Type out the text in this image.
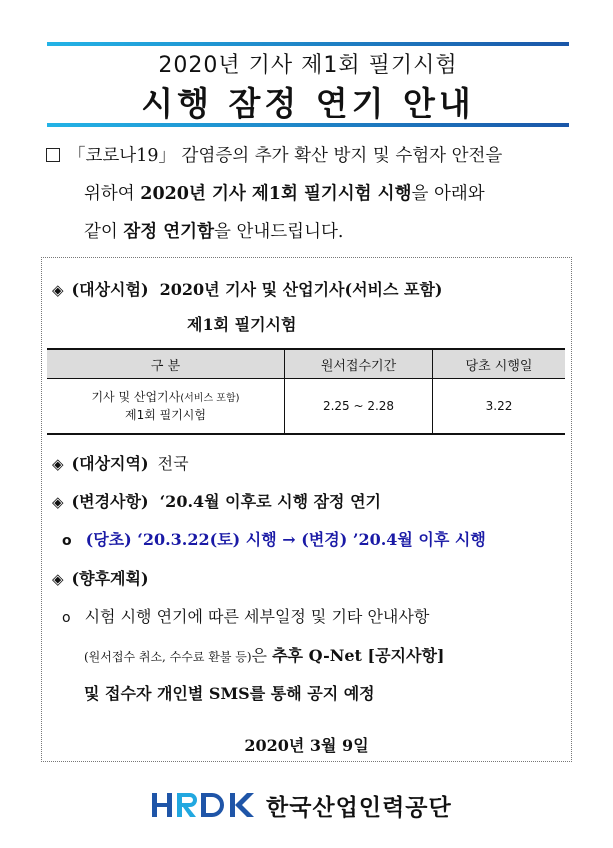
2020년 기사 제1회 필기시험
시행 잠정 연기 안내
「코로나19」 감염증의 추가 확산 방지 및 수험자 안전을
위하여 2020년 기사 제1회 필기시험 시행을 아래와
같이 잠정 연기함을 안내드립니다.
◈ (대상시험) 2020년 기사 및 산업기사(서비스 포함)
제1회 필기시험
구 분	원서접수기간	당초 시행일
기사 및 산업기사(서비스 포함)
제1회 필기시험	2.25 ~ 2.28	3.22
◈ (대상지역) 전국
◈ (변경사항) ‘20.4월 이후로 시행 잠정 연기
o (당초) ‘20.3.22(토) 시행 → (변경) ’20.4월 이후 시행
◈ (향후계획)
o 시험 시행 연기에 따른 세부일정 및 기타 안내사항
(원서접수 취소, 수수료 환불 등)은 추후 Q-Net [공지사항]
및 접수자 개인별 SMS를 통해 공지 예정
2020년 3월 9일
한국산업인력공단
